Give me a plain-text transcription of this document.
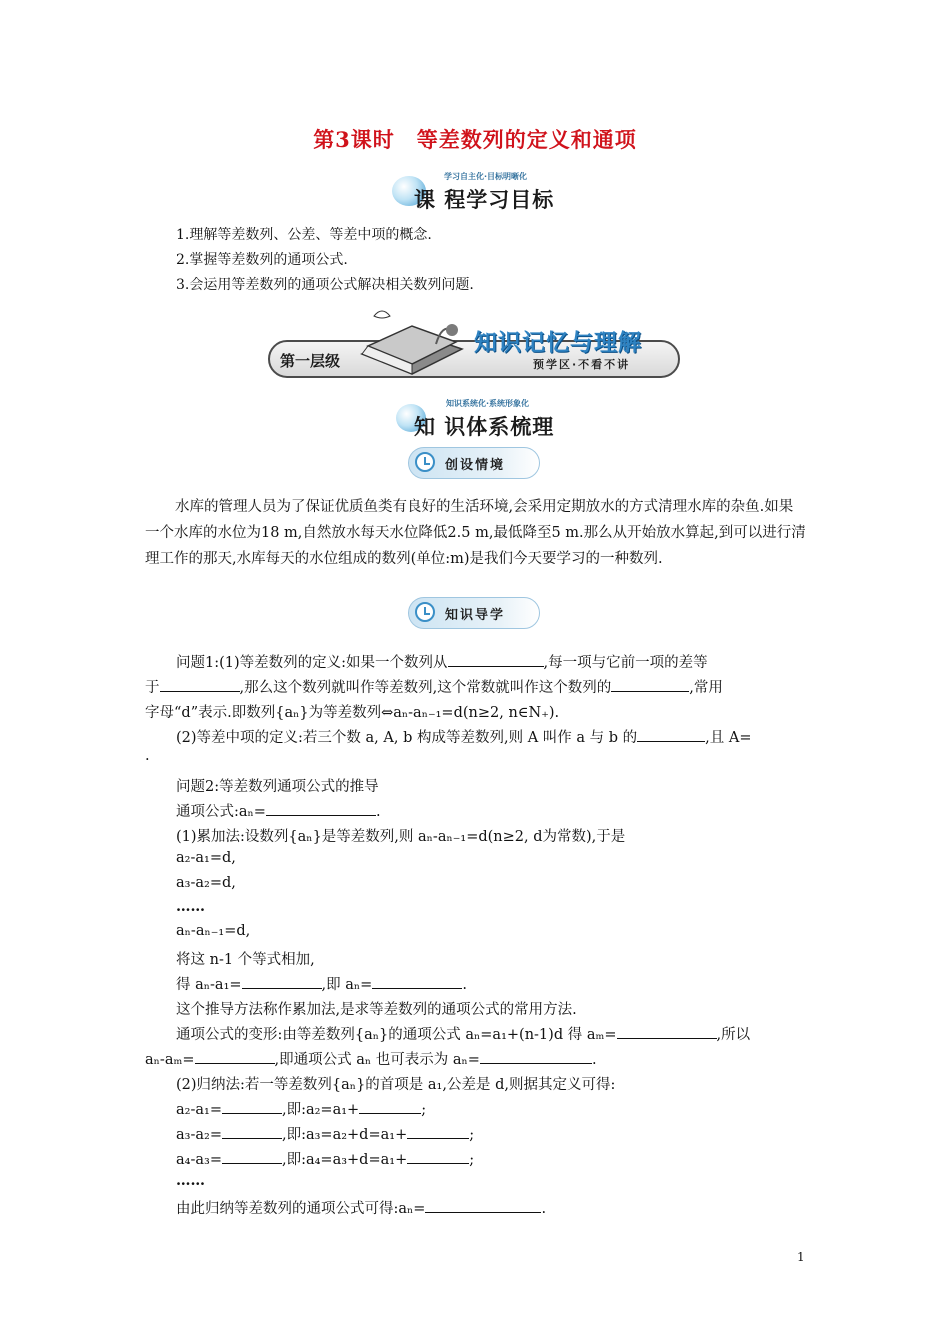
第3课时　等差数列的定义和通项
学习自主化·目标明晰化
课 程学习目标
1.理解等差数列、公差、等差中项的概念.
2.掌握等差数列的通项公式.
3.会运用等差数列的通项公式解决相关数列问题.
第一层级
知识记忆与理解
预学区·不看不讲
知识系统化·系统形象化
知 识体系梳理
创设情境
水库的管理人员为了保证优质鱼类有良好的生活环境,会采用定期放水的方式清理水库的杂鱼.如果一个水库的水位为18 m,自然放水每天水位降低2.5 m,最低降至5 m.那么从开始放水算起,到可以进行清理工作的那天,水库每天的水位组成的数列(单位:m)是我们今天要学习的一种数列.
知识导学
问题1:(1)等差数列的定义:如果一个数列从	,每一项与它前一项的差等
于	,那么这个数列就叫作等差数列,这个常数就叫作这个数列的	,常用
字母“d”表示.即数列{aₙ}为等差数列⇔aₙ-aₙ₋₁=d(n≥2, n∈N₊).
(2)等差中项的定义:若三个数 a, A, b 构成等差数列,则 A 叫作 a 与 b 的	,且 A=
.
问题2:等差数列通项公式的推导
通项公式:aₙ=	.
(1)累加法:设数列{aₙ}是等差数列,则 aₙ-aₙ₋₁=d(n≥2, d为常数),于是
a₂-a₁=d,
a₃-a₂=d,
……
aₙ-aₙ₋₁=d,
将这 n-1 个等式相加,
得 aₙ-a₁=	,即 aₙ=	.
这个推导方法称作累加法,是求等差数列的通项公式的常用方法.
通项公式的变形:由等差数列{aₙ}的通项公式 aₙ=a₁+(n-1)d 得 aₘ=	,所以
aₙ-aₘ=	,即通项公式 aₙ 也可表示为 aₙ=	.
(2)归纳法:若一等差数列{aₙ}的首项是 a₁,公差是 d,则据其定义可得:
a₂-a₁=	,即:a₂=a₁+	;
a₃-a₂=	,即:a₃=a₂+d=a₁+	;
a₄-a₃=	,即:a₄=a₃+d=a₁+	;
……
由此归纳等差数列的通项公式可得:aₙ=	.
1
